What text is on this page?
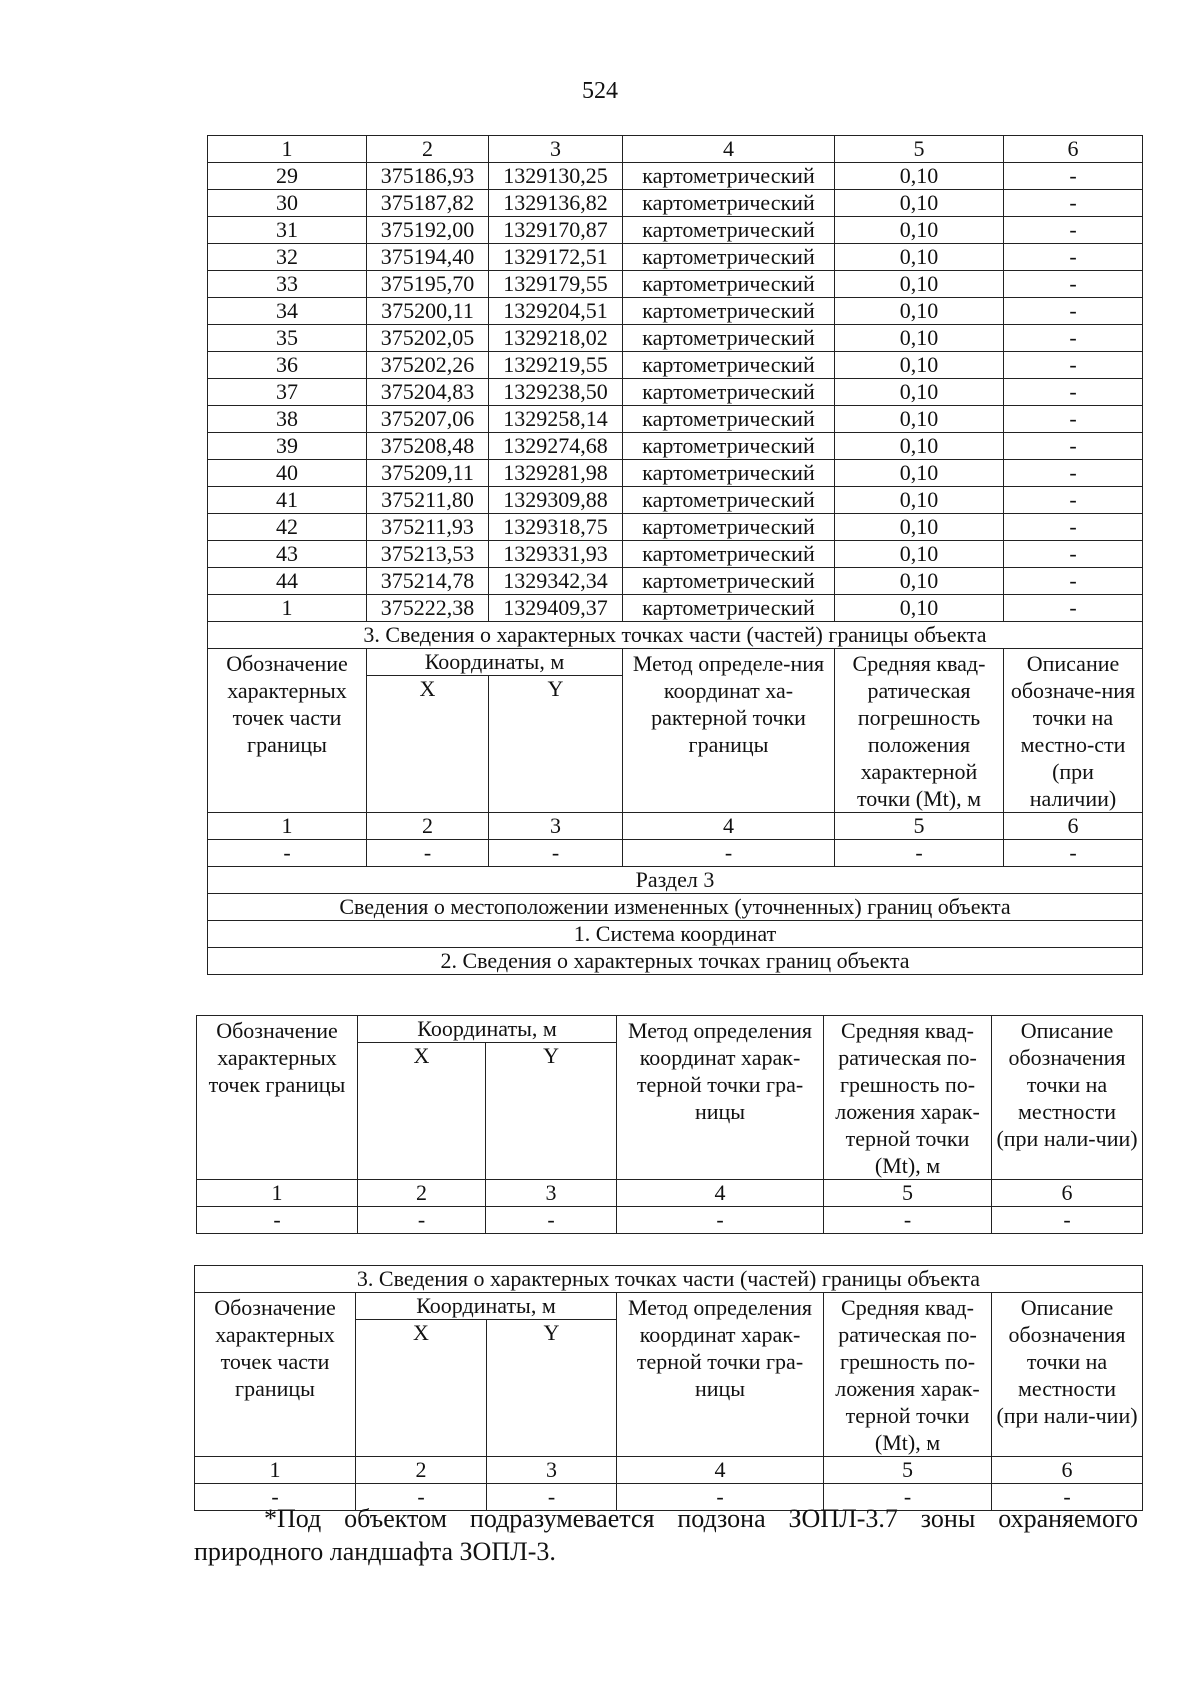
524
1	2	3	4	5	6
29	375186,93	1329130,25	картометрический	0,10	-
30	375187,82	1329136,82	картометрический	0,10	-
31	375192,00	1329170,87	картометрический	0,10	-
32	375194,40	1329172,51	картометрический	0,10	-
33	375195,70	1329179,55	картометрический	0,10	-
34	375200,11	1329204,51	картометрический	0,10	-
35	375202,05	1329218,02	картометрический	0,10	-
36	375202,26	1329219,55	картометрический	0,10	-
37	375204,83	1329238,50	картометрический	0,10	-
38	375207,06	1329258,14	картометрический	0,10	-
39	375208,48	1329274,68	картометрический	0,10	-
40	375209,11	1329281,98	картометрический	0,10	-
41	375211,80	1329309,88	картометрический	0,10	-
42	375211,93	1329318,75	картометрический	0,10	-
43	375213,53	1329331,93	картометрический	0,10	-
44	375214,78	1329342,34	картометрический	0,10	-
1	375222,38	1329409,37	картометрический	0,10	-
3. Сведения о характерных точках части (частей) границы объекта					
Обозначение характерных точек части границы	Координаты, м		Метод определе-ния координат ха-рактерной точки границы	Средняя квад-ратическая погрешность положения характерной точки (Mt), м	Описание обозначе-ния точки на местно-сти (при наличии)
	X	Y			
1	2	3	4	5	6
-	-	-	-	-	-
Раздел 3					
Сведения о местоположении измененных (уточненных) границ объекта					
1. Система координат					
2. Сведения о характерных точках границ объекта					
Обозначение характерных точек границы	Координаты, м		Метод определения координат харак-терной точки гра-ницы	Средняя квад-ратическая по-грешность по-ложения харак-терной точки (Mt), м	Описание обозначения точки на местности (при нали-чии)
	X	Y			
1	2	3	4	5	6
-	-	-	-	-	-
3. Сведения о характерных точках части (частей) границы объекта					
Обозначение характерных точек части границы	Координаты, м		Метод определения координат харак-терной точки гра-ницы	Средняя квад-ратическая по-грешность по-ложения харак-терной точки (Mt), м	Описание обозначения точки на местности (при нали-чии)
	X	Y			
1	2	3	4	5	6
-	-	-	-	-	-
*Под объектом подразумевается подзона ЗОПЛ-3.7 зоны охраняемого природного ландшафта ЗОПЛ-3.
